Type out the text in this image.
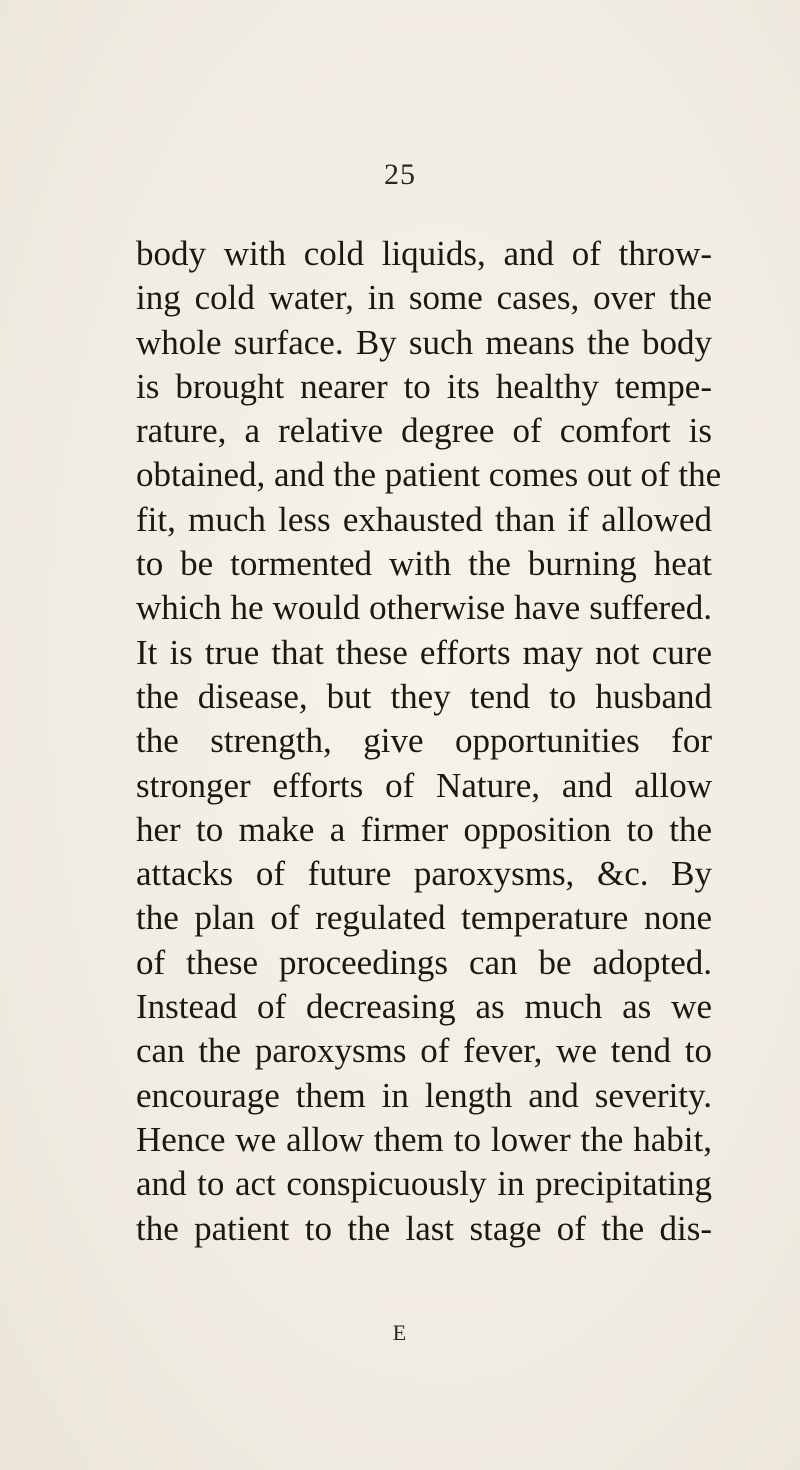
25
body with cold liquids, and of throw-
ing cold water, in some cases, over the
whole surface. By such means the body
is brought nearer to its healthy tempe-
rature, a relative degree of comfort is
obtained, and the patient comes out of the
fit, much less exhausted than if allowed
to be tormented with the burning heat
which he would otherwise have suffered.
It is true that these efforts may not cure
the disease, but they tend to husband
the strength, give opportunities for
stronger efforts of Nature, and allow
her to make a firmer opposition to the
attacks of future paroxysms, &c. By
the plan of regulated temperature none
of these proceedings can be adopted.
Instead of decreasing as much as we
can the paroxysms of fever, we tend to
encourage them in length and severity.
Hence we allow them to lower the habit,
and to act conspicuously in precipitating
the patient to the last stage of the dis-
E
